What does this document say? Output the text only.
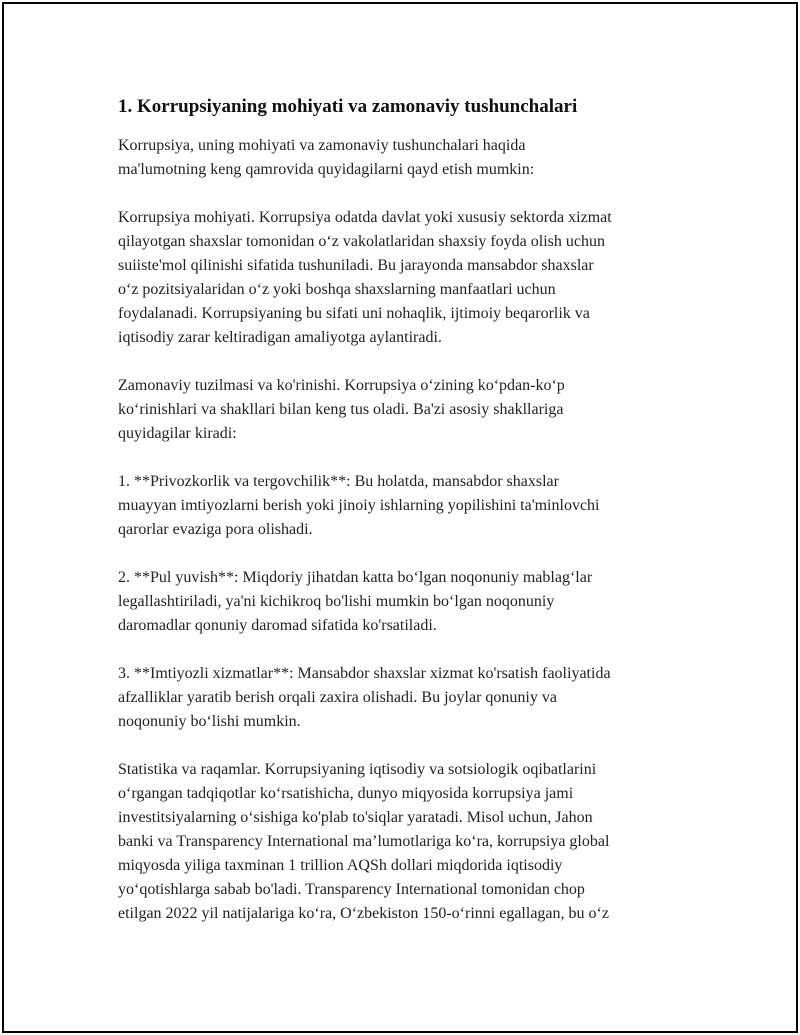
1. Korrupsiyaning mohiyati va zamonaviy tushunchalari

Korrupsiya, uning mohiyati va zamonaviy tushunchalari haqida
ma'lumotning keng qamrovida quyidagilarni qayd etish mumkin:

Korrupsiya mohiyati. Korrupsiya odatda davlat yoki xususiy sektorda xizmat
qilayotgan shaxslar tomonidan o‘z vakolatlaridan shaxsiy foyda olish uchun
suiiste'mol qilinishi sifatida tushuniladi. Bu jarayonda mansabdor shaxslar
o‘z pozitsiyalaridan o‘z yoki boshqa shaxslarning manfaatlari uchun
foydalanadi. Korrupsiyaning bu sifati uni nohaqlik, ijtimoiy beqarorlik va
iqtisodiy zarar keltiradigan amaliyotga aylantiradi.

Zamonaviy tuzilmasi va ko'rinishi. Korrupsiya o‘zining ko‘pdan-ko‘p
ko‘rinishlari va shakllari bilan keng tus oladi. Ba'zi asosiy shakllariga
quyidagilar kiradi:

1. **Privozkorlik va tergovchilik**: Bu holatda, mansabdor shaxslar
muayyan imtiyozlarni berish yoki jinoiy ishlarning yopilishini ta'minlovchi
qarorlar evaziga pora olishadi.

2. **Pul yuvish**: Miqdoriy jihatdan katta bo‘lgan noqonuniy mablag‘lar
legallashtiriladi, ya'ni kichikroq bo'lishi mumkin bo‘lgan noqonuniy
daromadlar qonuniy daromad sifatida ko'rsatiladi.

3. **Imtiyozli xizmatlar**: Mansabdor shaxslar xizmat ko'rsatish faoliyatida
afzalliklar yaratib berish orqali zaxira olishadi. Bu joylar qonuniy va
noqonuniy bo‘lishi mumkin.

Statistika va raqamlar. Korrupsiyaning iqtisodiy va sotsiologik oqibatlarini
o‘rgangan tadqiqotlar ko‘rsatishicha, dunyo miqyosida korrupsiya jami
investitsiyalarning o‘sishiga ko'plab to'siqlar yaratadi. Misol uchun, Jahon
banki va Transparency International ma’lumotlariga ko‘ra, korrupsiya global
miqyosda yiliga taxminan 1 trillion AQSh dollari miqdorida iqtisodiy
yo‘qotishlarga sabab bo'ladi. Transparency International tomonidan chop
etilgan 2022 yil natijalariga ko‘ra, O‘zbekiston 150-o‘rinni egallagan, bu o‘z
